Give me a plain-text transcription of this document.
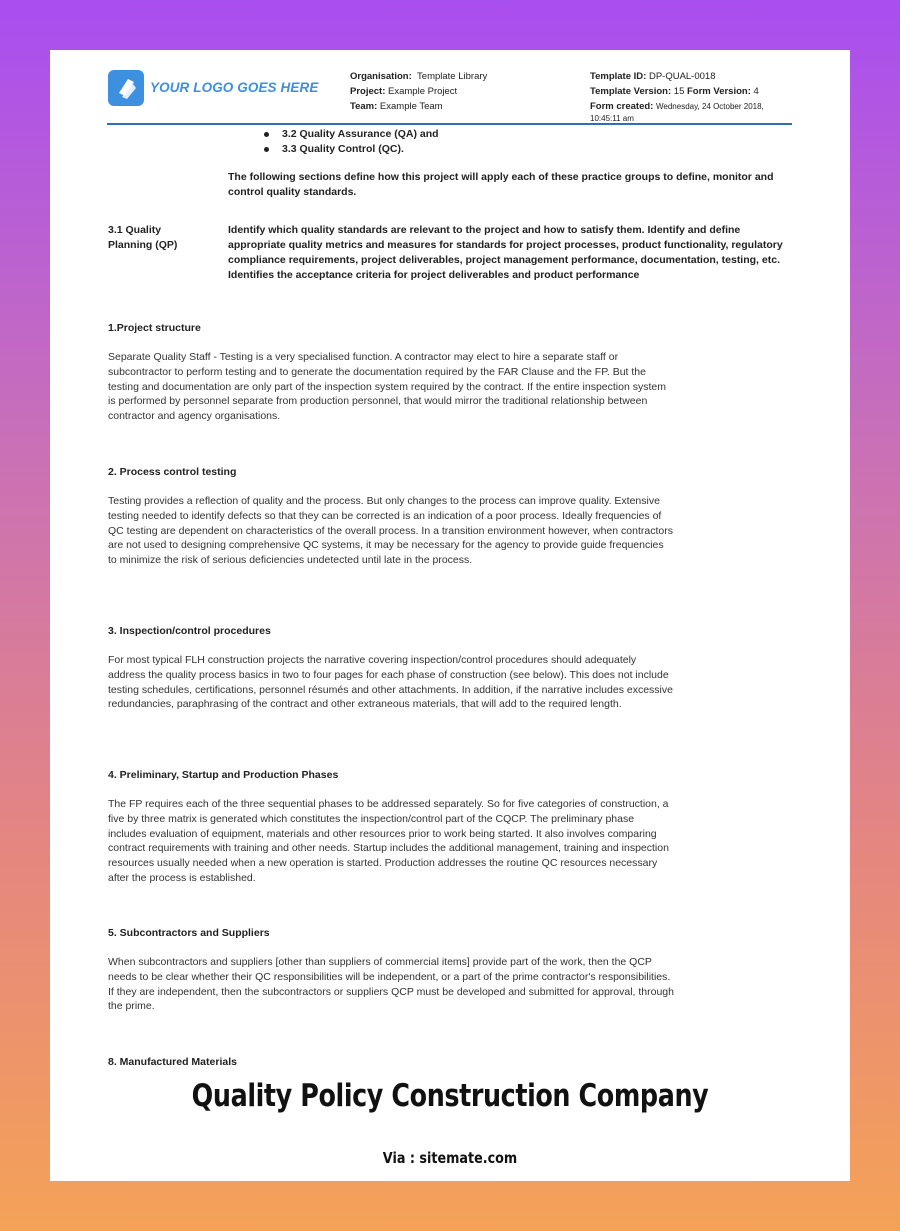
YOUR LOGO GOES HERE
Organisation: Template Library
Project: Example Project
Team: Example Team
Template ID: DP-QUAL-0018
Template Version: 15 Form Version: 4
Form created: Wednesday, 24 October 2018,
10:45:11 am
3.2 Quality Assurance (QA) and
3.3 Quality Control (QC).
The following sections define how this project will apply each of these practice groups to define, monitor and control quality standards.
3.1 Quality Planning (QP)
Identify which quality standards are relevant to the project and how to satisfy them. Identify and define appropriate quality metrics and measures for standards for project processes, product functionality, regulatory compliance requirements, project deliverables, project management performance, documentation, testing, etc. Identifies the acceptance criteria for project deliverables and product performance
1.Project structure
Separate Quality Staff - Testing is a very specialised function. A contractor may elect to hire a separate staff or subcontractor to perform testing and to generate the documentation required by the FAR Clause and the FP. But the testing and documentation are only part of the inspection system required by the contract. If the entire inspection system is performed by personnel separate from production personnel, that would mirror the traditional relationship between contractor and agency organisations.
2. Process control testing
Testing provides a reflection of quality and the process. But only changes to the process can improve quality. Extensive testing needed to identify defects so that they can be corrected is an indication of a poor process. Ideally frequencies of QC testing are dependent on characteristics of the overall process. In a transition environment however, when contractors are not used to designing comprehensive QC systems, it may be necessary for the agency to provide guide frequencies to minimize the risk of serious deficiencies undetected until late in the process.
3. Inspection/control procedures
For most typical FLH construction projects the narrative covering inspection/control procedures should adequately address the quality process basics in two to four pages for each phase of construction (see below). This does not include testing schedules, certifications, personnel résumés and other attachments. In addition, if the narrative includes excessive redundancies, paraphrasing of the contract and other extraneous materials, that will add to the required length.
4. Preliminary, Startup and Production Phases
The FP requires each of the three sequential phases to be addressed separately. So for five categories of construction, a five by three matrix is generated which constitutes the inspection/control part of the CQCP. The preliminary phase includes evaluation of equipment, materials and other resources prior to work being started. It also involves comparing contract requirements with training and other needs. Startup includes the additional management, training and inspection resources usually needed when a new operation is started. Production addresses the routine QC resources necessary after the process is established.
5. Subcontractors and Suppliers
When subcontractors and suppliers [other than suppliers of commercial items] provide part of the work, then the QCP needs to be clear whether their QC responsibilities will be independent, or a part of the prime contractor's responsibilities. If they are independent, then the subcontractors or suppliers QCP must be developed and submitted for approval, through the prime.
8. Manufactured Materials
Quality Policy Construction Company
Via : sitemate.com
